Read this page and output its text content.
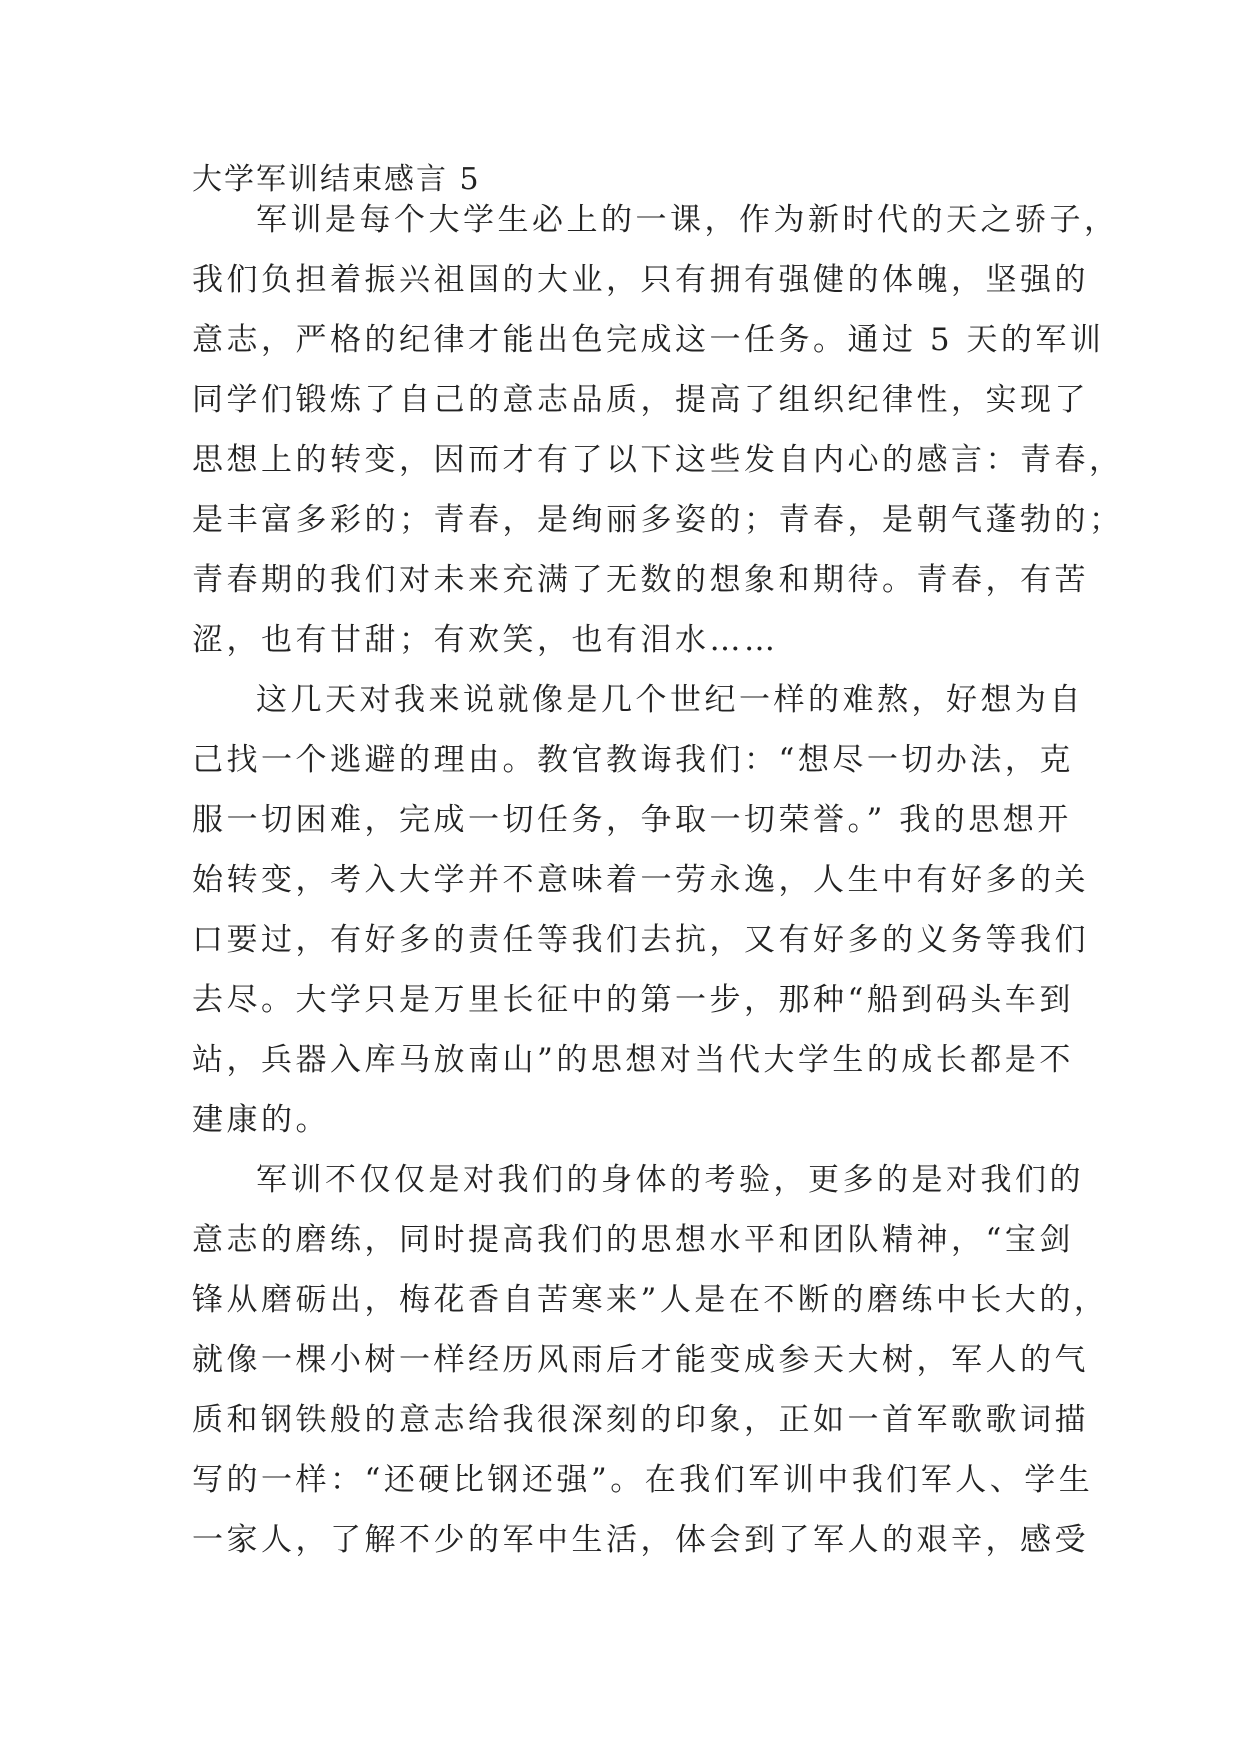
大学军训结束感言 5
军训是每个大学生必上的一课，作为新时代的天之骄子，
我们负担着振兴祖国的大业，只有拥有强健的体魄，坚强的
意志，严格的纪律才能出色完成这一任务。通过 5 天的军训
同学们锻炼了自己的意志品质，提高了组织纪律性，实现了
思想上的转变，因而才有了以下这些发自内心的感言：青春，
是丰富多彩的；青春，是绚丽多姿的；青春，是朝气蓬勃的；
青春期的我们对未来充满了无数的想象和期待。青春，有苦
涩，也有甘甜；有欢笑，也有泪水……
这几天对我来说就像是几个世纪一样的难熬，好想为自
己找一个逃避的理由。教官教诲我们：“想尽一切办法，克
服一切困难，完成一切任务，争取一切荣誉。” 我的思想开
始转变，考入大学并不意味着一劳永逸，人生中有好多的关
口要过，有好多的责任等我们去抗，又有好多的义务等我们
去尽。大学只是万里长征中的第一步，那种“船到码头车到
站，兵器入库马放南山”的思想对当代大学生的成长都是不
建康的。
军训不仅仅是对我们的身体的考验，更多的是对我们的
意志的磨练，同时提高我们的思想水平和团队精神，“宝剑
锋从磨砺出，梅花香自苦寒来”人是在不断的磨练中长大的，
就像一棵小树一样经历风雨后才能变成参天大树，军人的气
质和钢铁般的意志给我很深刻的印象，正如一首军歌歌词描
写的一样：“还硬比钢还强”。在我们军训中我们军人、学生
一家人，了解不少的军中生活，体会到了军人的艰辛，感受
